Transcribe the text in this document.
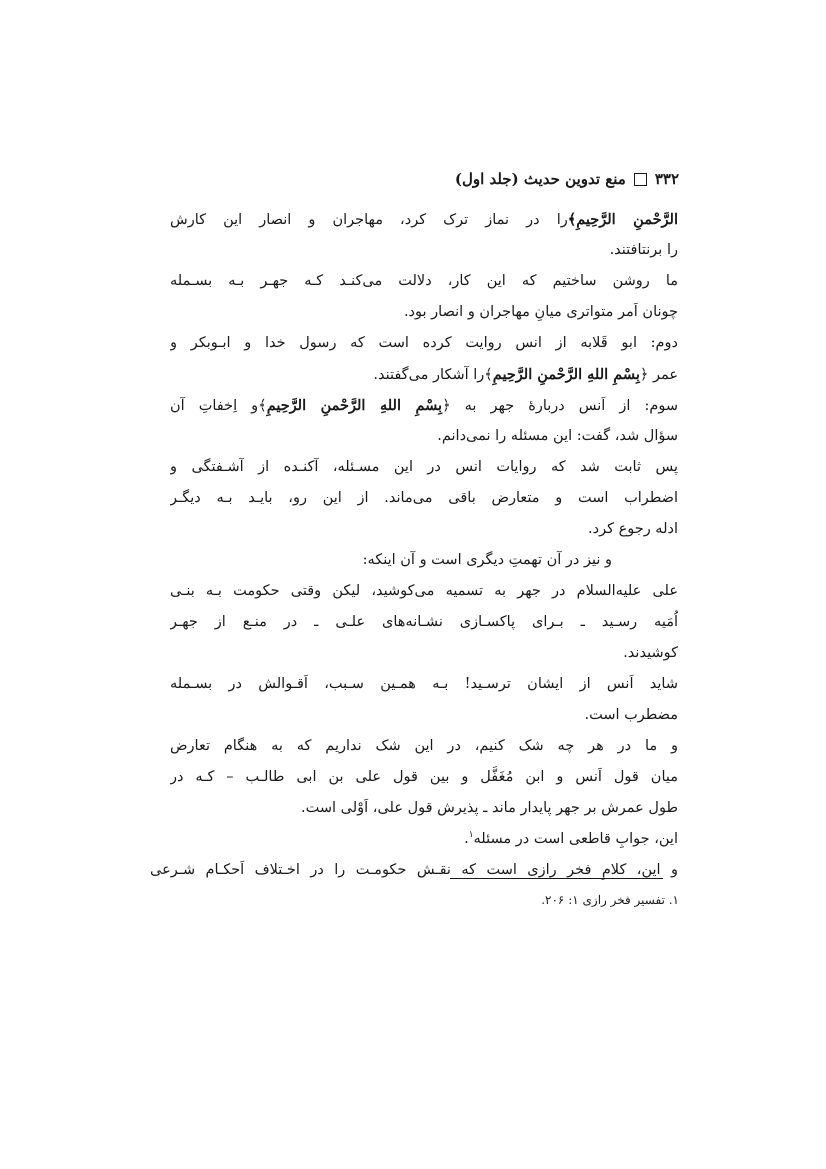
۳۳۲
منع تدوین حدیث (جلد اول)
الرَّحْمنِ الرَّحِيمِ﴾را در نماز ترک کرد، مهاجران و انصار این کارش
را برنتافتند.
ما روشن ساختیم که این کار، دلالت می‌کنـد کـه جهـر بـه بسـمله
چونان اَمر متواتری میانِ مهاجران و انصار بود.
دوم: ابو قَلابه از انس روایت کرده است که رسول خدا و ابـوبکر و
عمر ﴿بِسْمِ اللهِ الرَّحْمنِ الرَّحِيمِ﴾را آشکار می‌گفتند.
سوم: از اَنس دربارهٔ جهر به ﴿بِسْمِ اللهِ الرَّحْمنِ الرَّحِيمِ﴾و اِخفاتِ آن
سؤال شد، گفت: این مسئله را نمی‌دانم.
پس ثابت شد که روایات انس در این مسـئله، آکنـده از آشـفتگی و
اضطراب است و متعارض باقی می‌ماند. از این رو، بایـد بـه دیگـر
ادله رجوع کرد.
و نیز در آن تهمتِ دیگری است و آن اینکه:
علی عليه‌السلام در جهر به تسمیه می‌کوشید، لیکن وقتی حکومت بـه بنـی
اُمَیه رسـید ـ بـرای پاکسـازی نشـانه‌های علـی ـ در منـع از جهـر
کوشیدند.
شاید اَنس از ایشان ترسـید! بـه همـین سـبب، اَقـوالش در بسـمله
مضطرب است.
و ما در هر چه شک کنیم، در این شک نداریم که به هنگام تعارض
میان قول اَنس و ابن مُغَفَّل و بین قول علی بن ابی طالـب – کـه در
طول عمرش بر جهر پایدار ماند ـ پذیرش قول علی، اَوْلی است.
این، جوابِ قاطعی است در مسئله$^۱$.
و این، کلامِ فخر رازی است که نقـش حکومـت را در اخـتلاف اَحکـام شـرعی
۱. تفسیر فخر رازی ۱: ۲۰۶.
